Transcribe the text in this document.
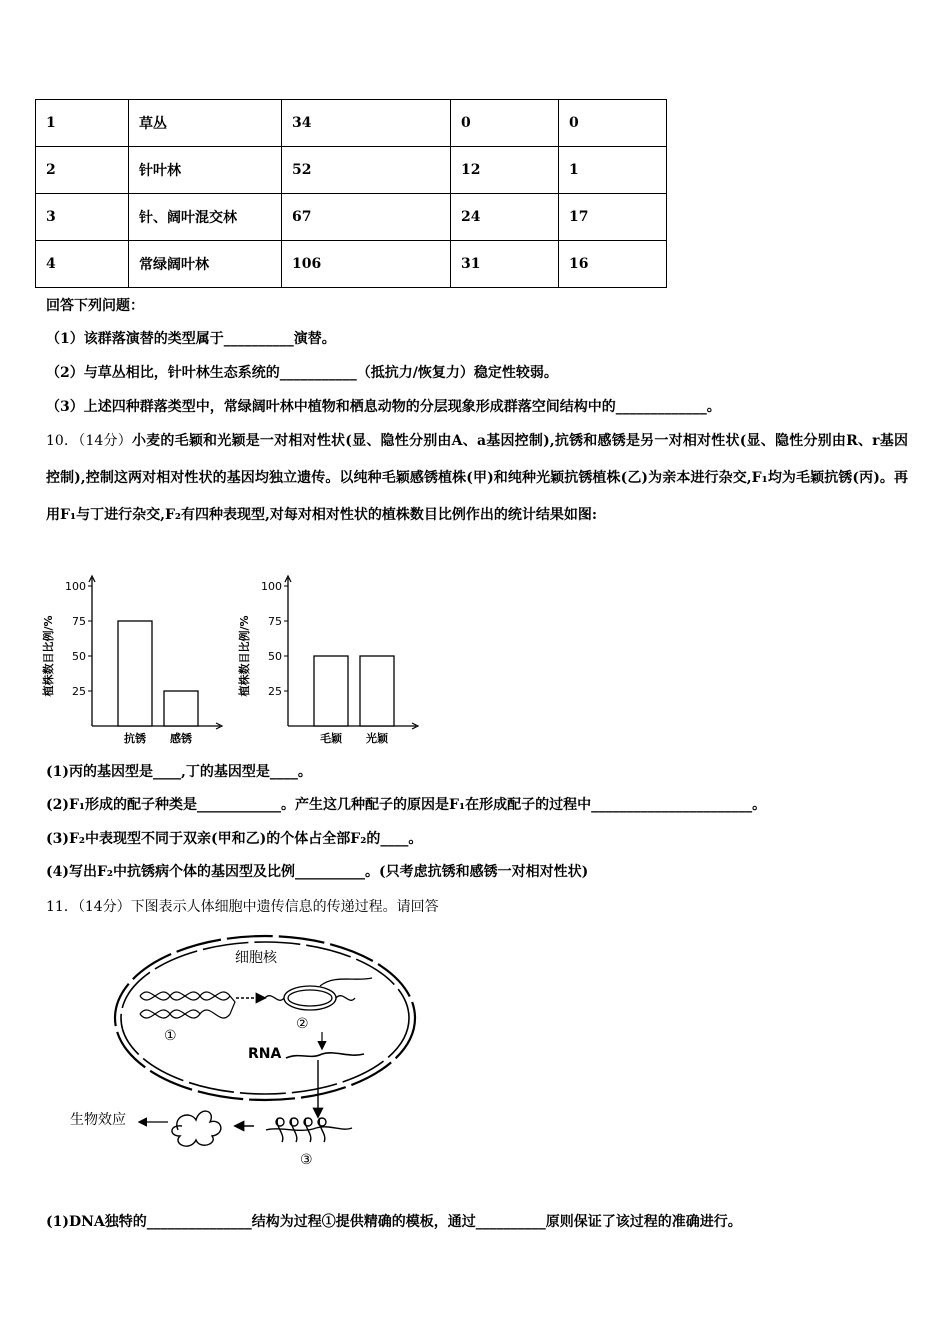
1	草丛	34	0	0
2	针叶林	52	12	1
3	针、阔叶混交林	67	24	17
4	常绿阔叶林	106	31	16
回答下列问题：
（1）该群落演替的类型属于__________演替。
（2）与草丛相比，针叶林生态系统的___________（抵抗力/恢复力）稳定性较弱。
（3）上述四种群落类型中，常绿阔叶林中植物和栖息动物的分层现象形成群落空间结构中的_____________。
10．（14分）小麦的毛颖和光颖是一对相对性状(显、隐性分别由A、a基因控制),抗锈和感锈是另一对相对性状(显、隐性分别由R、r基因控制),控制这两对相对性状的基因均独立遗传。以纯种毛颖感锈植株(甲)和纯种光颖抗锈植株(乙)为亲本进行杂交,F₁均为毛颖抗锈(丙)。再用F₁与丁进行杂交,F₂有四种表现型,对每对相对性状的植株数目比例作出的统计结果如图:
25
50
75
100
植株数目比例/%
抗锈 感锈
25
50
75
100
植株数目比例/%
毛颖 光颖
(1)丙的基因型是____,丁的基因型是____。
(2)F₁形成的配子种类是____________。产生这几种配子的原因是F₁在形成配子的过程中_______________________。
(3)F₂中表现型不同于双亲(甲和乙)的个体占全部F₂的____。
(4)写出F₂中抗锈病个体的基因型及比例__________。(只考虑抗锈和感锈一对相对性状)
11．（14分）下图表示人体细胞中遗传信息的传递过程。请回答
细胞核
①
②
RNA
③
生物效应
(1)DNA独特的_______________结构为过程①提供精确的模板，通过__________原则保证了该过程的准确进行。
